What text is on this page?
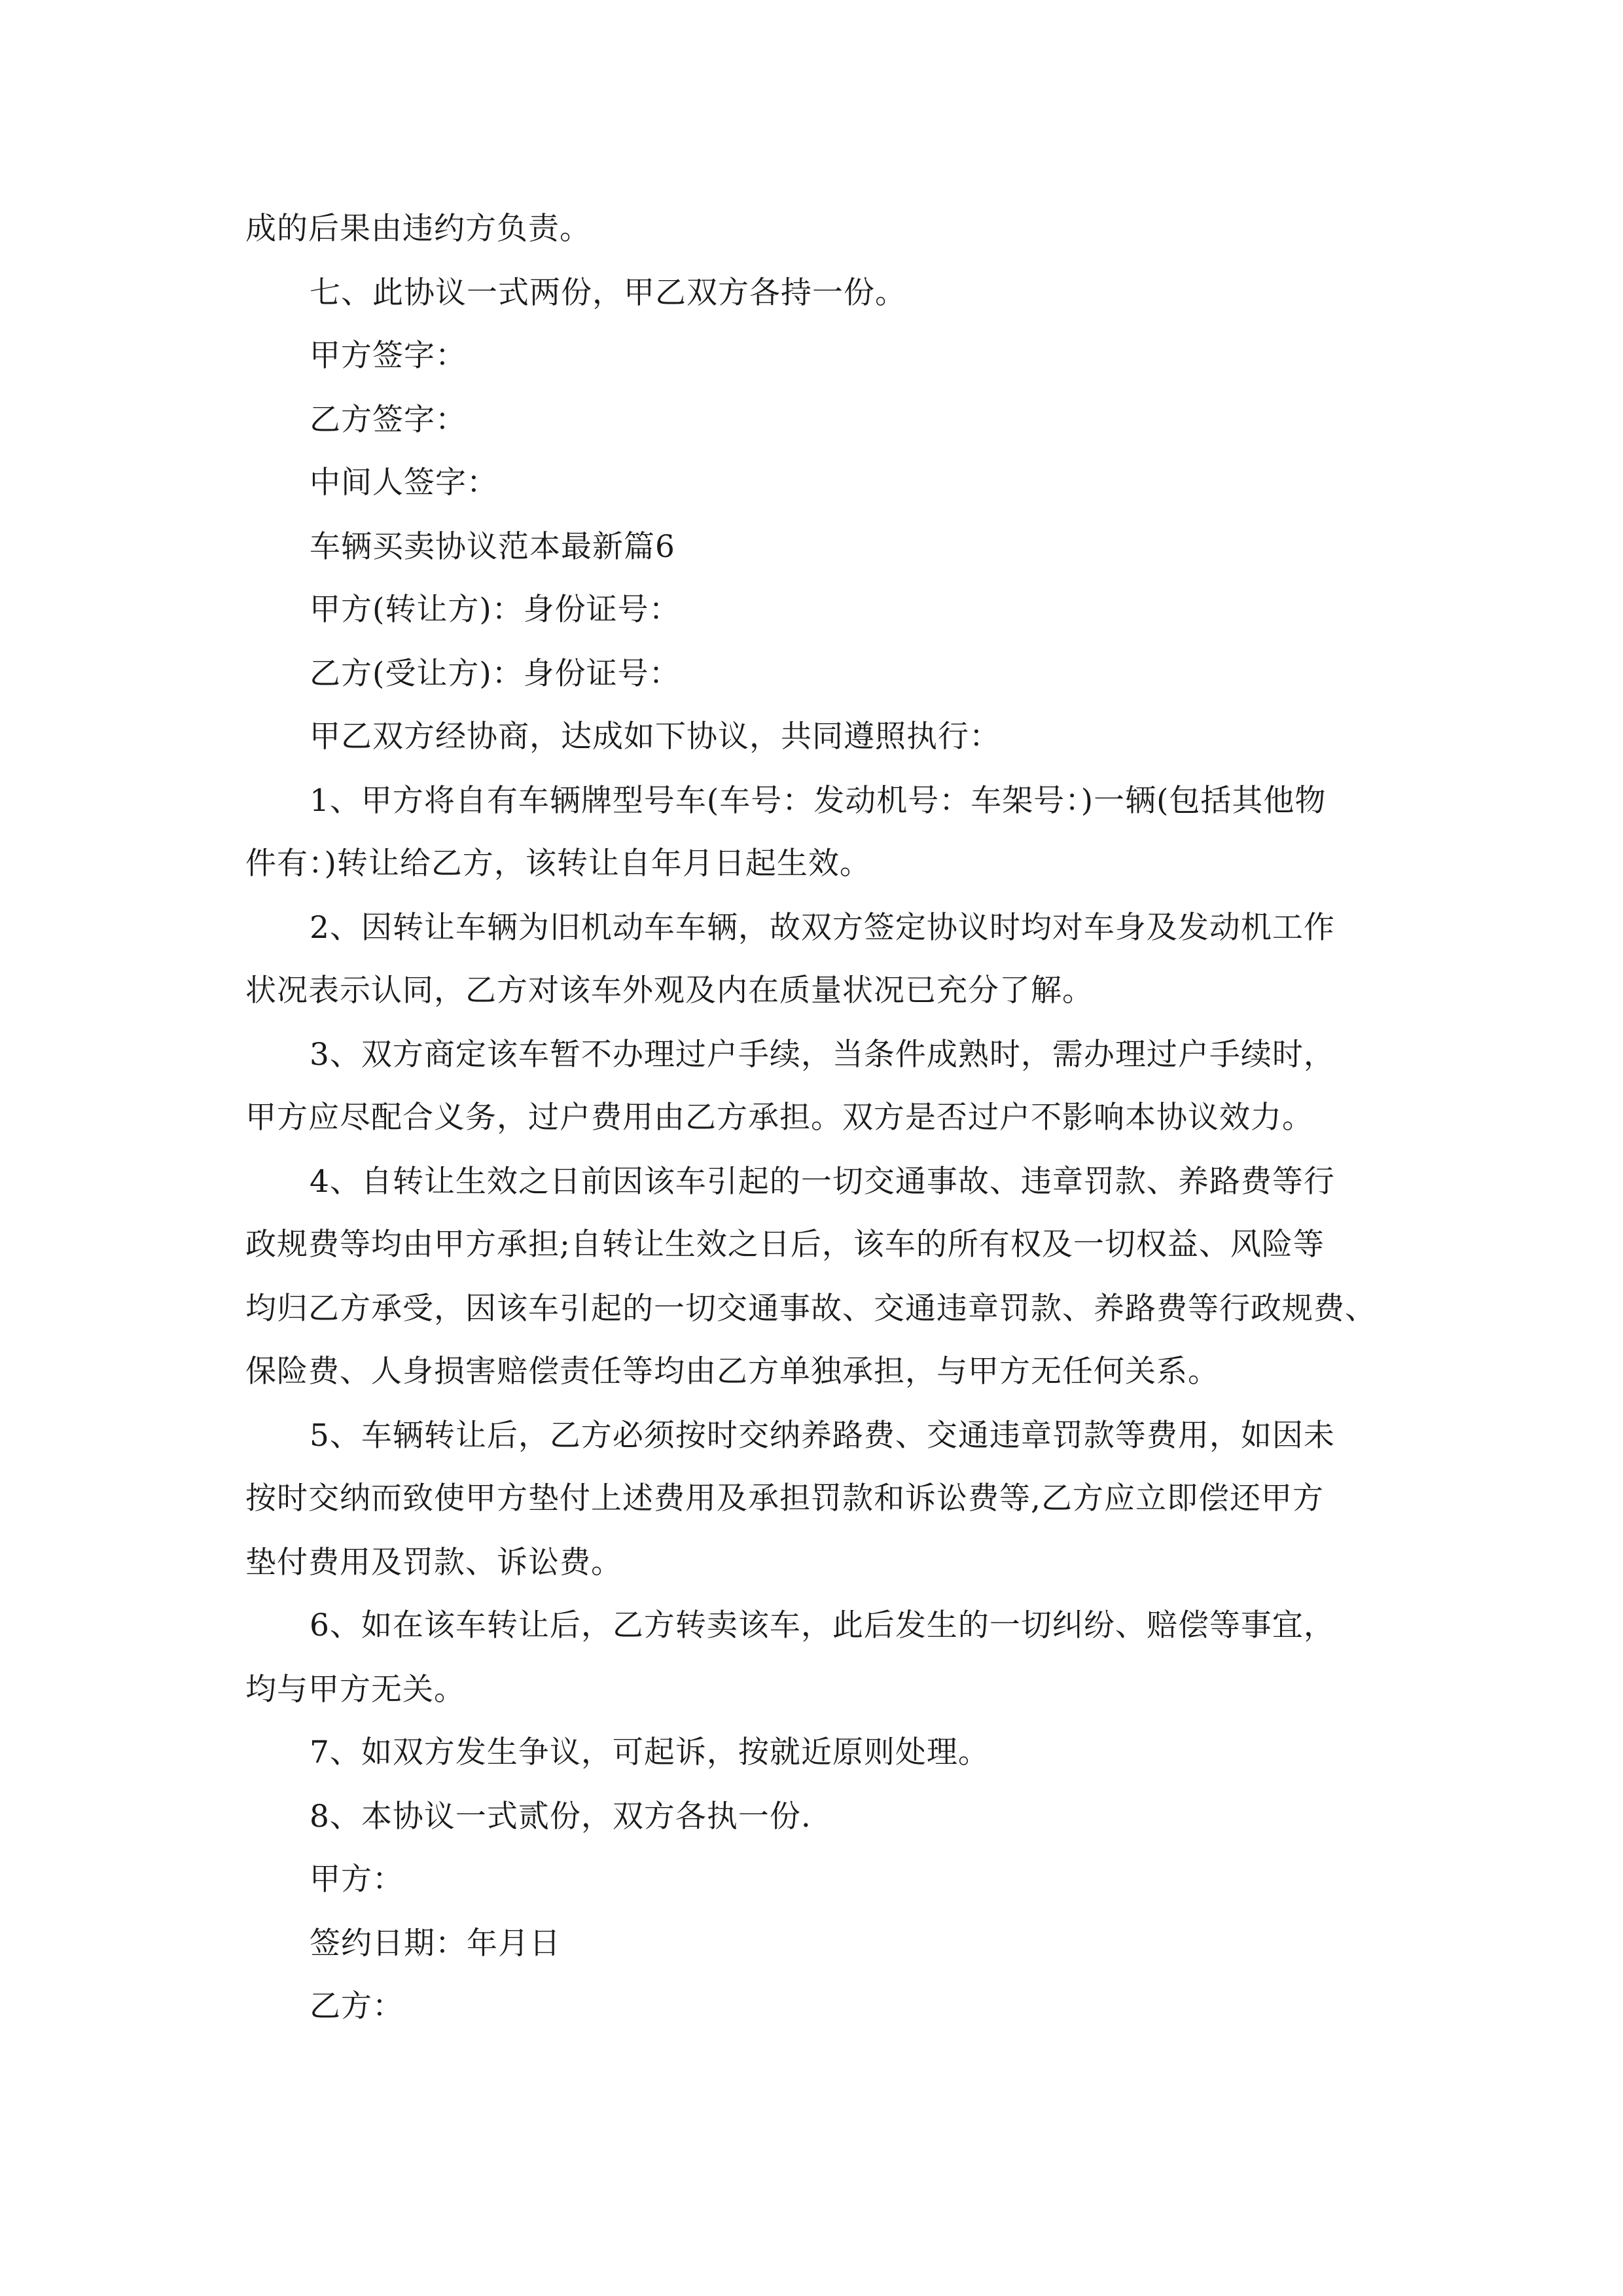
成的后果由违约方负责。
七、此协议一式两份，甲乙双方各持一份。
甲方签字：
乙方签字：
中间人签字：
车辆买卖协议范本最新篇6
甲方(转让方)：身份证号：
乙方(受让方)：身份证号：
甲乙双方经协商，达成如下协议，共同遵照执行：
1、甲方将自有车辆牌型号车(车号：发动机号：车架号：)一辆(包括其他物
件有：)转让给乙方，该转让自年月日起生效。
2、因转让车辆为旧机动车车辆，故双方签定协议时均对车身及发动机工作
状况表示认同，乙方对该车外观及内在质量状况已充分了解。
3、双方商定该车暂不办理过户手续，当条件成熟时，需办理过户手续时，
甲方应尽配合义务，过户费用由乙方承担。双方是否过户不影响本协议效力。
4、自转让生效之日前因该车引起的一切交通事故、违章罚款、养路费等行
政规费等均由甲方承担;自转让生效之日后，该车的所有权及一切权益、风险等
均归乙方承受，因该车引起的一切交通事故、交通违章罚款、养路费等行政规费、
保险费、人身损害赔偿责任等均由乙方单独承担，与甲方无任何关系。
5、车辆转让后，乙方必须按时交纳养路费、交通违章罚款等费用，如因未
按时交纳而致使甲方垫付上述费用及承担罚款和诉讼费等,乙方应立即偿还甲方
垫付费用及罚款、诉讼费。
6、如在该车转让后，乙方转卖该车，此后发生的一切纠纷、赔偿等事宜，
均与甲方无关。
7、如双方发生争议，可起诉，按就近原则处理。
8、本协议一式贰份，双方各执一份.
甲方：
签约日期：年月日
乙方：
